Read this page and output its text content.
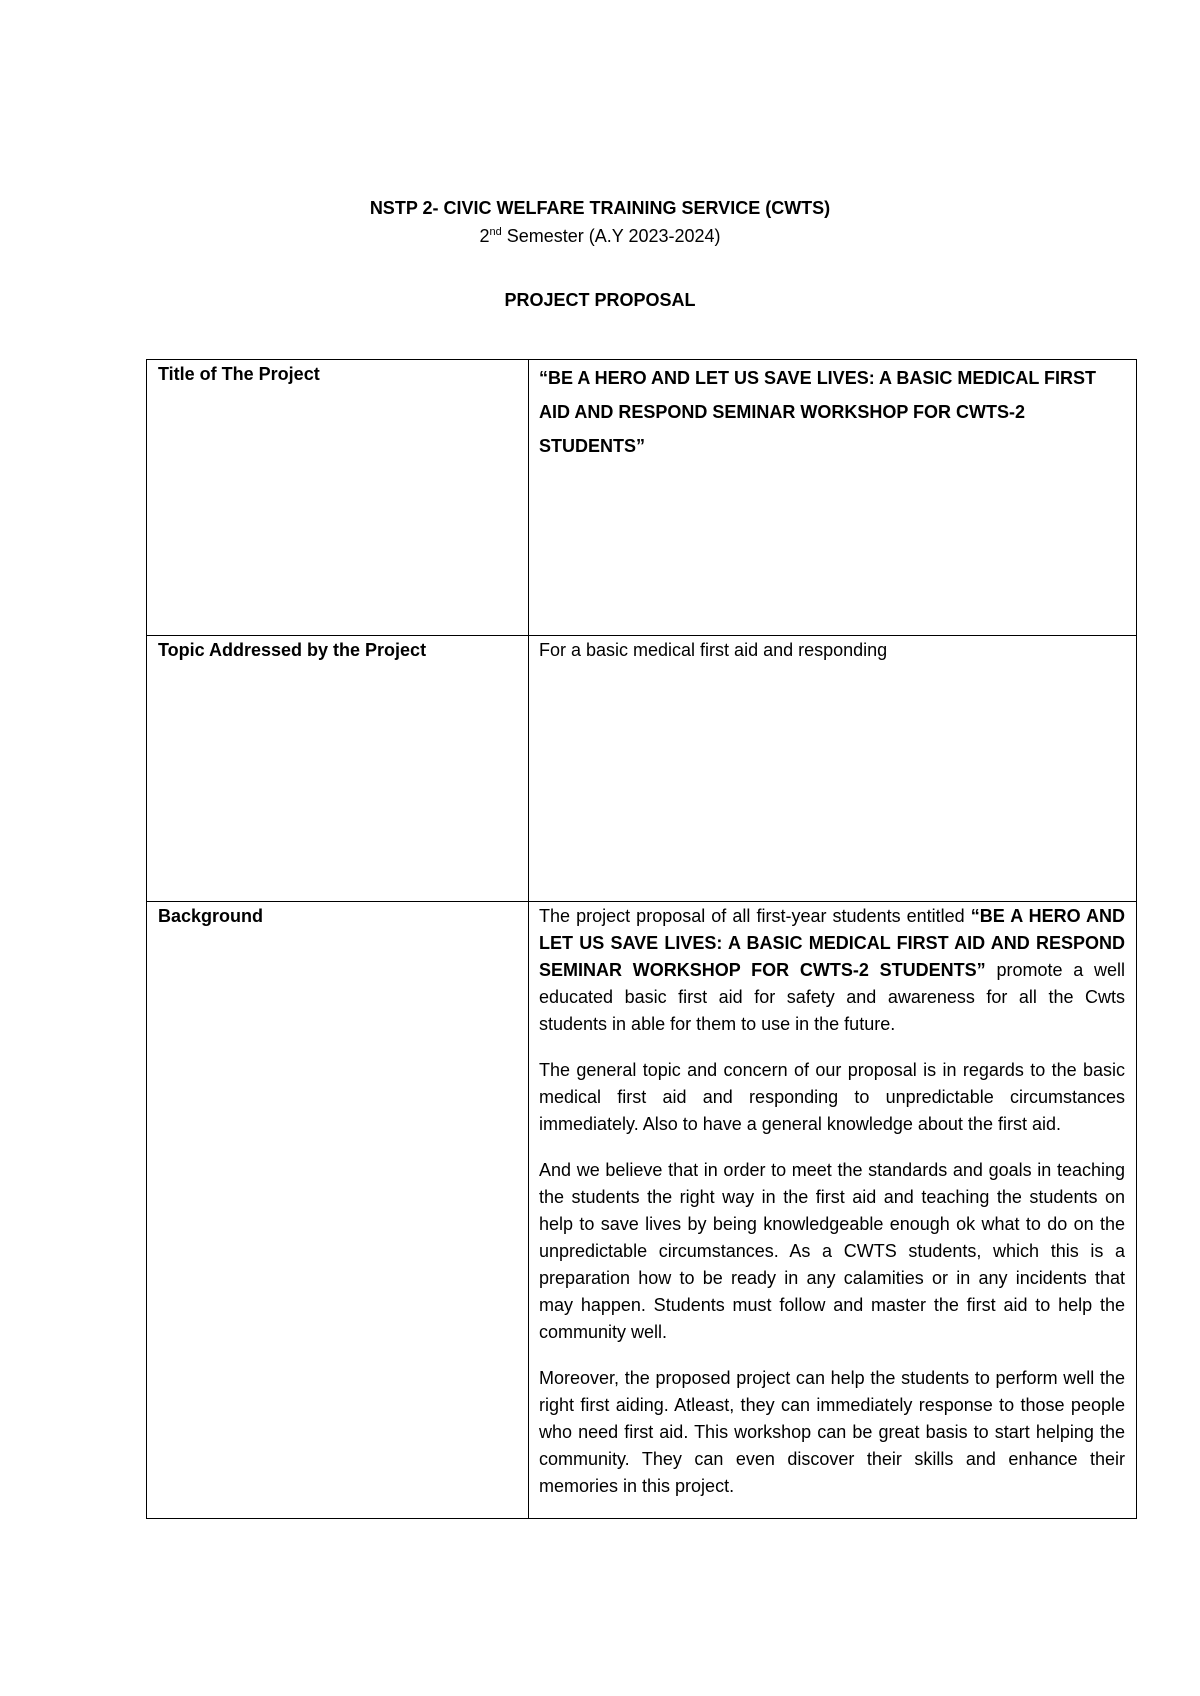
NSTP 2- CIVIC WELFARE TRAINING SERVICE (CWTS)
2nd Semester (A.Y 2023-2024)
PROJECT PROPOSAL
Title of The Project	“BE A HERO AND LET US SAVE LIVES: A BASIC MEDICAL FIRST AID AND RESPOND SEMINAR WORKSHOP FOR CWTS-2 STUDENTS”

Topic Addressed by the Project	For a basic medical first aid and responding

Background	The project proposal of all first-year students entitled “BE A HERO AND LET US SAVE LIVES: A BASIC MEDICAL FIRST AID AND RESPOND SEMINAR WORKSHOP FOR CWTS-2 STUDENTS” promote a well educated basic first aid for safety and awareness for all the Cwts students in able for them to use in the future.

The general topic and concern of our proposal is in regards to the basic medical first aid and responding to unpredictable circumstances immediately. Also to have a general knowledge about the first aid.

And we believe that in order to meet the standards and goals in teaching the students the right way in the first aid and teaching the students on help to save lives by being knowledgeable enough ok what to do on the unpredictable circumstances. As a CWTS students, which this is a preparation how to be ready in any calamities or in any incidents that may happen. Students must follow and master the first aid to help the community well.

Moreover, the proposed project can help the students to perform well the right first aiding. Atleast, they can immediately response to those people who need first aid. This workshop can be great basis to start helping the community. They can even discover their skills and enhance their memories in this project.
